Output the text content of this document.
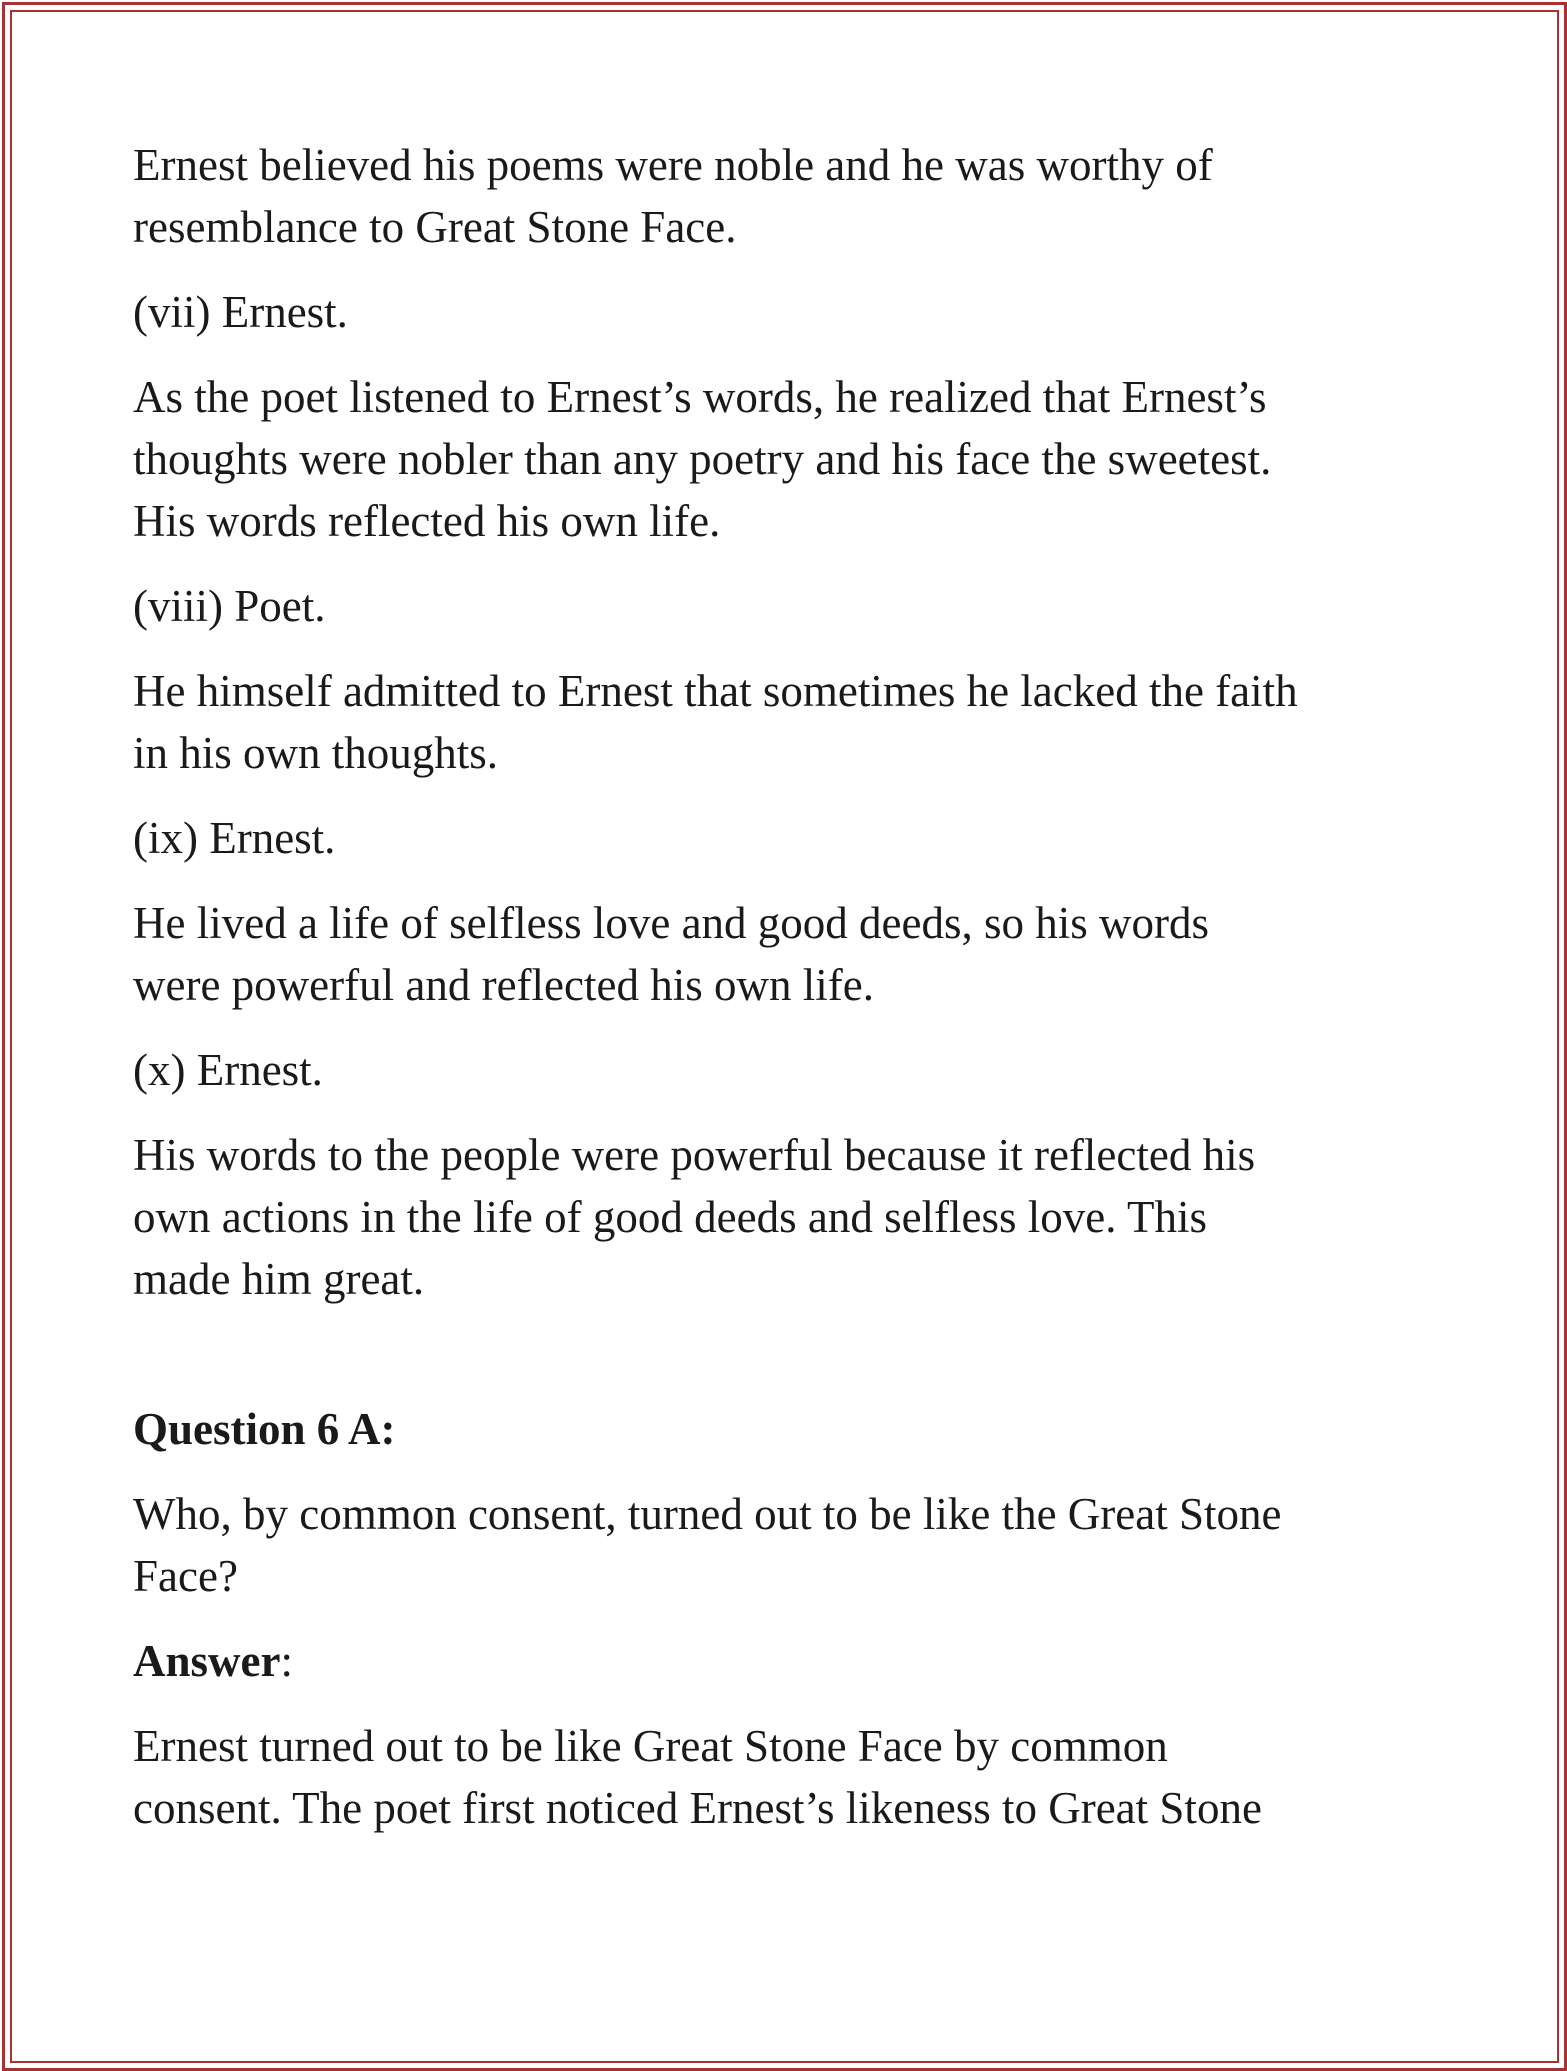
Ernest believed his poems were noble and he was worthy of
resemblance to Great Stone Face.
(vii) Ernest.
As the poet listened to Ernest’s words, he realized that Ernest’s
thoughts were nobler than any poetry and his face the sweetest.
His words reflected his own life.
(viii) Poet.
He himself admitted to Ernest that sometimes he lacked the faith
in his own thoughts.
(ix) Ernest.
He lived a life of selfless love and good deeds, so his words
were powerful and reflected his own life.
(x) Ernest.
His words to the people were powerful because it reflected his
own actions in the life of good deeds and selfless love. This
made him great.
Question 6 A:
Who, by common consent, turned out to be like the Great Stone
Face?
Answer:
Ernest turned out to be like Great Stone Face by common
consent. The poet first noticed Ernest’s likeness to Great Stone
